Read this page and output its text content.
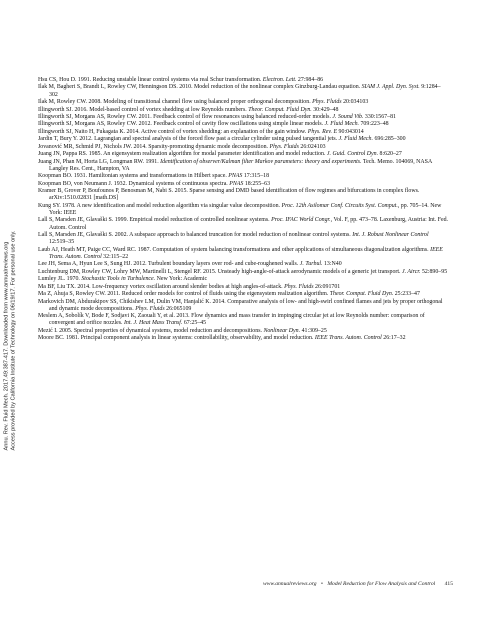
Annu. Rev. Fluid Mech. 2017.49:387-417. Downloaded from www.annualreviews.org Access provided by California Institute of Technology on 06/19/17. For personal use only.
Hsu CS, Hou D. 1991. Reducing unstable linear control systems via real Schur transformation. Electron. Lett. 27:984–86
Ilak M, Bagheri S, Brandt L, Rowley CW, Henningson DS. 2010. Model reduction of the nonlinear complex Ginzburg-Landau equation. SIAM J. Appl. Dyn. Syst. 9:1284–302
Ilak M, Rowley CW. 2008. Modeling of transitional channel flow using balanced proper orthogonal decomposition. Phys. Fluids 20:034103
Illingworth SJ. 2016. Model-based control of vortex shedding at low Reynolds numbers. Theor. Comput. Fluid Dyn. 30:429–48
Illingworth SJ, Morgans AS, Rowley CW. 2011. Feedback control of flow resonances using balanced reduced-order models. J. Sound Vib. 330:1567–81
Illingworth SJ, Morgans AS, Rowley CW. 2012. Feedback control of cavity flow oscillations using simple linear models. J. Fluid Mech. 709:223–48
Illingworth SJ, Naito H, Fukagata K. 2014. Active control of vortex shedding: an explanation of the gain window. Phys. Rev. E 90:043014
Jardin T, Bury Y. 2012. Lagrangian and spectral analysis of the forced flow past a circular cylinder using pulsed tangential jets. J. Fluid Mech. 696:285–300
Jovanović MR, Schmid PJ, Nichols JW. 2014. Sparsity-promoting dynamic mode decomposition. Phys. Fluids 26:024103
Juang JN, Pappa RS. 1985. An eigensystem realization algorithm for modal parameter identification and model reduction. J. Guid. Control Dyn. 8:620–27
Juang JN, Phan M, Horta LG, Longman RW. 1991. Identification of observer/Kalman filter Markov parameters: theory and experiments. Tech. Memo. 104069, NASA Langley Res. Cent., Hampton, VA
Koopman BO. 1931. Hamiltonian systems and transformations in Hilbert space. PNAS 17:315–18
Koopman BO, von Neumann J. 1932. Dynamical systems of continuous spectra. PNAS 18:255–63
Kramer B, Grover P, Boufounos P, Benosman M, Nabi S. 2015. Sparse sensing and DMD based identification of flow regimes and bifurcations in complex flows. arXiv:1510.02831 [math.DS]
Kung SY. 1978. A new identification and model reduction algorithm via singular value decomposition. Proc. 12th Asilomar Conf. Circuits Syst. Comput., pp. 705–14. New York: IEEE
Lall S, Marsden JE, Glavaški S. 1999. Empirical model reduction of controlled nonlinear systems. Proc. IFAC World Congr., Vol. F, pp. 473–78. Laxenburg, Austria: Int. Fed. Autom. Control
Lall S, Marsden JE, Glavaški S. 2002. A subspace approach to balanced truncation for model reduction of nonlinear control systems. Int. J. Robust Nonlinear Control 12:519–35
Laub AJ, Heath MT, Paige CC, Ward RC. 1987. Computation of system balancing transformations and other applications of simultaneous diagonalization algorithms. IEEE Trans. Autom. Control 32:115–22
Lee JH, Sema A, Hyun Lee S, Sung HJ. 2012. Turbulent boundary layers over rod- and cube-roughened walls. J. Turbul. 13:N40
Luchtenburg DM, Rowley CW, Lohry MW, Martinelli L, Stengel RF. 2015. Unsteady high-angle-of-attack aerodynamic models of a generic jet transport. J. Aircr. 52:890–95
Lumley JL. 1970. Stochastic Tools in Turbulence. New York: Academic
Ma BF, Liu TX. 2014. Low-frequency vortex oscillation around slender bodies at high angles-of-attack. Phys. Fluids 26:091701
Ma Z, Ahuja S, Rowley CW. 2011. Reduced order models for control of fluids using the eigensystem realization algorithm. Theor. Comput. Fluid Dyn. 25:233–47
Markovich DM, Abdurakipov SS, Chikishev LM, Dulin VM, Hanjalić K. 2014. Comparative analysis of low- and high-swirl confined flames and jets by proper orthogonal and dynamic mode decompositions. Phys. Fluids 26:065109
Meslem A, Sobolík V, Bode F, Sodjavi K, Zaouali Y, et al. 2013. Flow dynamics and mass transfer in impinging circular jet at low Reynolds number: comparison of convergent and orifice nozzles. Int. J. Heat Mass Transf. 67:25–45
Mezić I. 2005. Spectral properties of dynamical systems, model reduction and decompositions. Nonlinear Dyn. 41:309–25
Moore BC. 1981. Principal component analysis in linear systems: controllability, observability, and model reduction. IEEE Trans. Autom. Control 26:17–32
www.annualreviews.org • Model Reduction for Flow Analysis and Control 415
